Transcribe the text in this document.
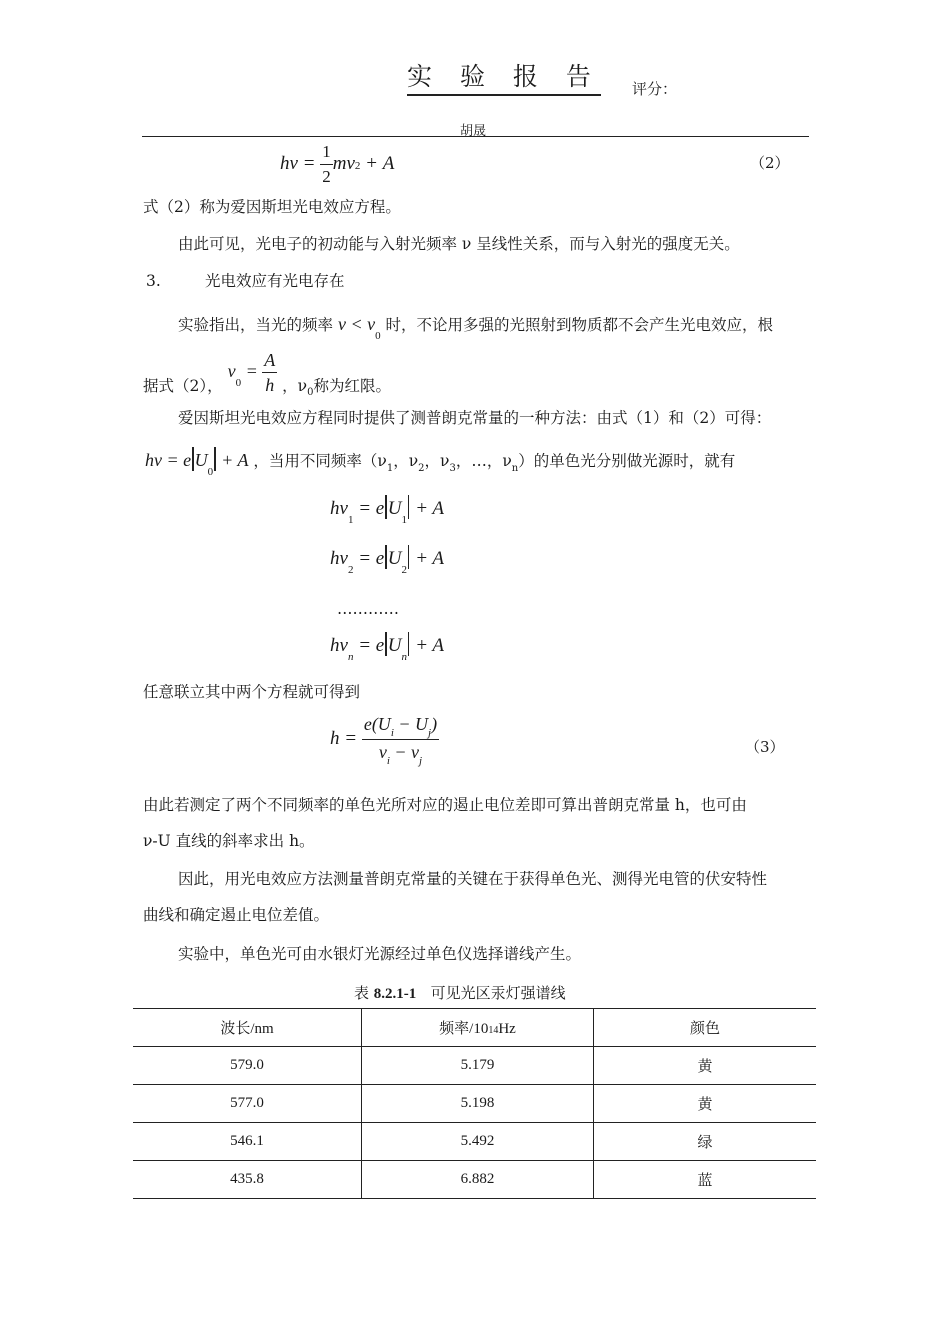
实 验 报 告 评分：
胡晟
$h\nu = \frac{1}{2} m\nu 2 + A$	（2）
式（2）称为爱因斯坦光电效应方程。
由此可见，光电子的初动能与入射光频率 ν 呈线性关系，而与入射光的强度无关。
3.	光电效应有光电存在
实验指出，当光的频率 $\nu < \nu_0$ 时，不论用多强的光照射到物质都不会产生光电效应，根
据式（2）， $\nu_0 = \frac{A}{h}$ ，$\nu_0$称为红限。
爱因斯坦光电效应方程同时提供了测普朗克常量的一种方法：由式（1）和（2）可得：
hν = e $U_0 + A$ ，当用不同频率（$\nu_1$，$\nu_2$，$\nu_3$，…，$\nu_n$）的单色光分别做光源时，就有
$h\nu_1 = e$ $U_1 + A$
$h\nu_2 = e$ $U_2 + A$
…………
$h\nu_n = e$ $U_n + A$
任意联立其中两个方程就可得到
$h = \frac{e(U_i - U_j)}{\nu_i - \nu_j}$	（3）
由此若测定了两个不同频率的单色光所对应的遏止电位差即可算出普朗克常量 h，也可由
ν-U 直线的斜率求出 h。
因此，用光电效应方法测量普朗克常量的关键在于获得单色光、测得光电管的伏安特性
曲线和确定遏止电位差值。
实验中，单色光可由水银灯光源经过单色仪选择谱线产生。
表 8.2.1-1 可见光区汞灯强谱线
波长/nm	频率/1014Hz	颜色
579.0	5.179	黄
577.0	5.198	黄
546.1	5.492	绿
435.8	6.882	蓝
